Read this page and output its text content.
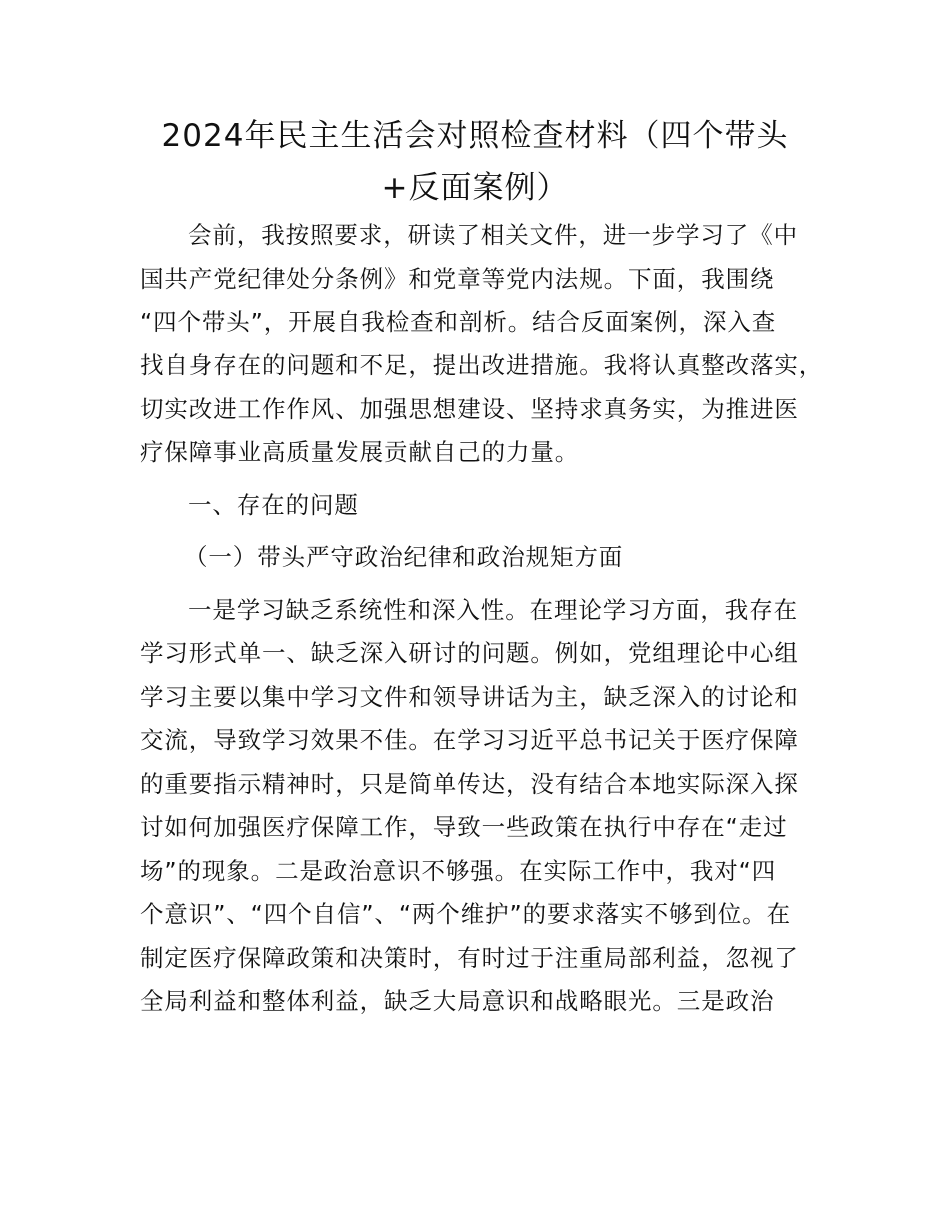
2024年民主生活会对照检查材料（四个带头
+反面案例）
会前，我按照要求，研读了相关文件，进一步学习了《中
国共产党纪律处分条例》和党章等党内法规。下面，我围绕
“四个带头”，开展自我检查和剖析。结合反面案例，深入查
找自身存在的问题和不足，提出改进措施。我将认真整改落实，
切实改进工作作风、加强思想建设、坚持求真务实，为推进医
疗保障事业高质量发展贡献自己的力量。
一、存在的问题
（一）带头严守政治纪律和政治规矩方面
一是学习缺乏系统性和深入性。在理论学习方面，我存在
学习形式单一、缺乏深入研讨的问题。例如，党组理论中心组
学习主要以集中学习文件和领导讲话为主，缺乏深入的讨论和
交流，导致学习效果不佳。在学习习近平总书记关于医疗保障
的重要指示精神时，只是简单传达，没有结合本地实际深入探
讨如何加强医疗保障工作，导致一些政策在执行中存在“走过
场”的现象。二是政治意识不够强。在实际工作中，我对“四
个意识”、“四个自信”、“两个维护”的要求落实不够到位。在
制定医疗保障政策和决策时，有时过于注重局部利益，忽视了
全局利益和整体利益，缺乏大局意识和战略眼光。三是政治
